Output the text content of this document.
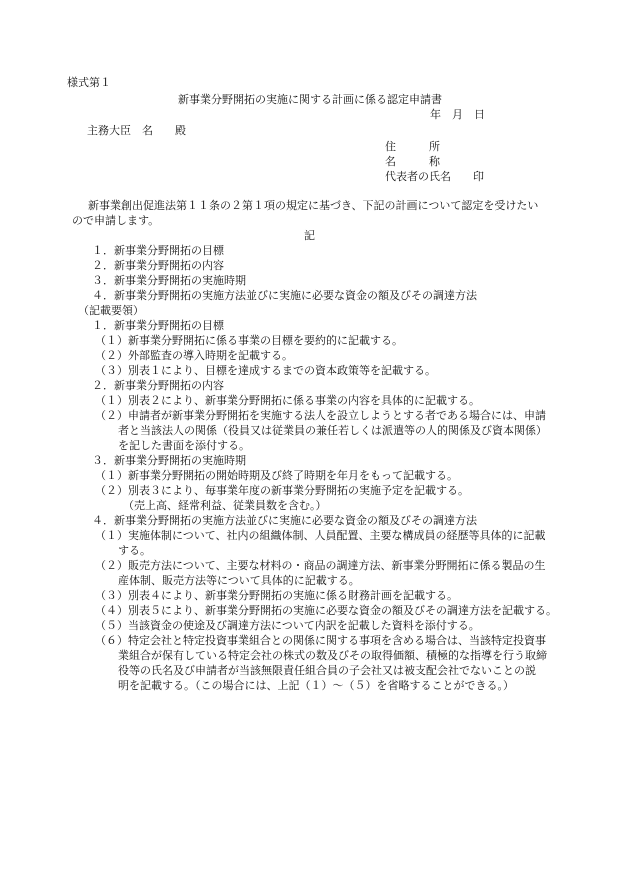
様式第１
新事業分野開拓の実施に関する計画に係る認定申請書
年　月　日
主務大臣　名　　殿
住　　　所
名　　　称
代表者の氏名　　印
新事業創出促進法第１１条の２第１項の規定に基づき、下記の計画について認定を受けたい
ので申請します。
記
１．新事業分野開拓の目標
２．新事業分野開拓の内容
３．新事業分野開拓の実施時期
４．新事業分野開拓の実施方法並びに実施に必要な資金の額及びその調達方法
（記載要領）
１．新事業分野開拓の目標
（１）新事業分野開拓に係る事業の目標を要約的に記載する。
（２）外部監査の導入時期を記載する。
（３）別表１により、目標を達成するまでの資本政策等を記載する。
２．新事業分野開拓の内容
（１）別表２により、新事業分野開拓に係る事業の内容を具体的に記載する。
（２）申請者が新事業分野開拓を実施する法人を設立しようとする者である場合には、申請
者と当該法人の関係（役員又は従業員の兼任若しくは派遣等の人的関係及び資本関係）
を記した書面を添付する。
３．新事業分野開拓の実施時期
（１）新事業分野開拓の開始時期及び終了時期を年月をもって記載する。
（２）別表３により、毎事業年度の新事業分野開拓の実施予定を記載する。
（売上高、経常利益、従業員数を含む。）
４．新事業分野開拓の実施方法並びに実施に必要な資金の額及びその調達方法
（１）実施体制について、社内の組織体制、人員配置、主要な構成員の経歴等具体的に記載
する。
（２）販売方法について、主要な材料の・商品の調達方法、新事業分野開拓に係る製品の生
産体制、販売方法等について具体的に記載する。
（３）別表４により、新事業分野開拓の実施に係る財務計画を記載する。
（４）別表５により、新事業分野開拓の実施に必要な資金の額及びその調達方法を記載する。
（５）当該資金の使途及び調達方法について内訳を記載した資料を添付する。
（６）特定会社と特定投資事業組合との関係に関する事項を含める場合は、当該特定投資事
業組合が保有している特定会社の株式の数及びその取得価額、積極的な指導を行う取締
役等の氏名及び申請者が当該無限責任組合員の子会社又は被支配会社でないことの説
明を記載する。（この場合には、上記（１）～（５）を省略することができる。）
